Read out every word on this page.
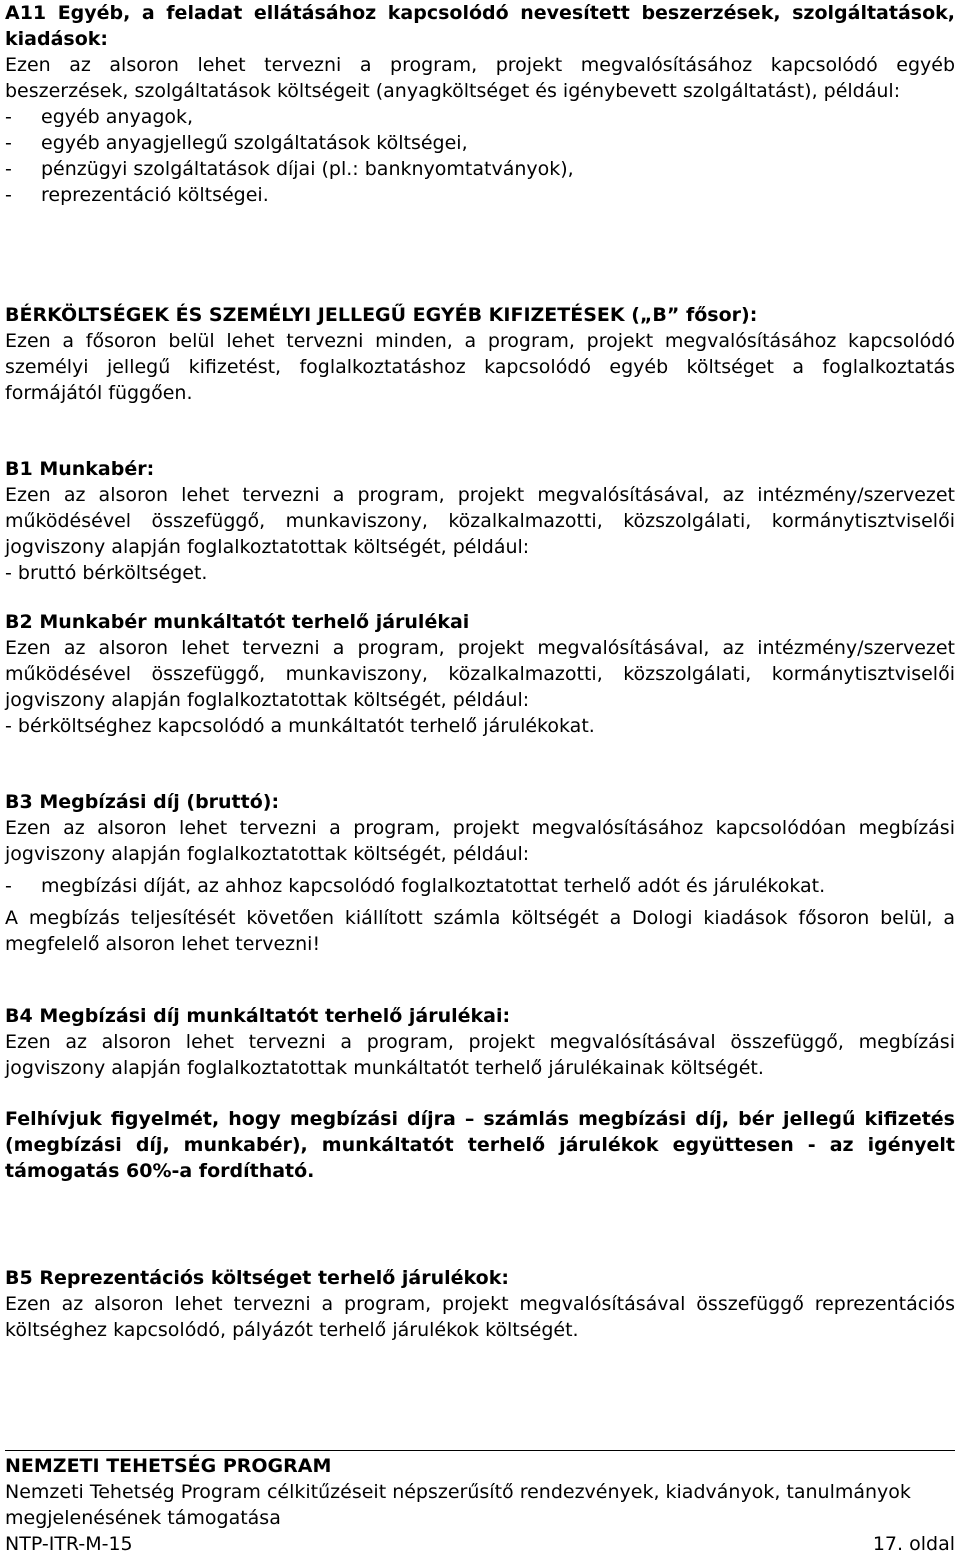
A11 Egyéb, a feladat ellátásához kapcsolódó nevesített beszerzések, szolgáltatások, kiadások:

Ezen az alsoron lehet tervezni a program, projekt megvalósításához kapcsolódó egyéb beszerzések, szolgáltatások költségeit (anyagköltséget és igénybevett szolgáltatást), például:

-	egyéb anyagok,
-	egyéb anyagjellegű szolgáltatások költségei,
-	pénzügyi szolgáltatások díjai (pl.: banknyomtatványok),
-	reprezentáció költségei.

BÉRKÖLTSÉGEK ÉS SZEMÉLYI JELLEGŰ EGYÉB KIFIZETÉSEK („B” fősor):

Ezen a fősoron belül lehet tervezni minden, a program, projekt megvalósításához kapcsolódó személyi jellegű kifizetést, foglalkoztatáshoz kapcsolódó egyéb költséget a foglalkoztatás formájától függően.

B1 Munkabér:

Ezen az alsoron lehet tervezni a program, projekt megvalósításával, az intézmény/szervezet működésével összefüggő, munkaviszony, közalkalmazotti, közszolgálati, kormánytisztviselői jogviszony alapján foglalkoztatottak költségét, például:

- bruttó bérköltséget.

B2 Munkabér munkáltatót terhelő járulékai

Ezen az alsoron lehet tervezni a program, projekt megvalósításával, az intézmény/szervezet működésével összefüggő, munkaviszony, közalkalmazotti, közszolgálati, kormánytisztviselői jogviszony alapján foglalkoztatottak költségét, például:

- bérköltséghez kapcsolódó a munkáltatót terhelő járulékokat.

B3 Megbízási díj (bruttó):

Ezen az alsoron lehet tervezni a program, projekt megvalósításához kapcsolódóan megbízási jogviszony alapján foglalkoztatottak költségét, például:

-	megbízási díját, az ahhoz kapcsolódó foglalkoztatottat terhelő adót és járulékokat.

A megbízás teljesítését követően kiállított számla költségét a Dologi kiadások fősoron belül, a megfelelő alsoron lehet tervezni!

B4 Megbízási díj munkáltatót terhelő járulékai:

Ezen az alsoron lehet tervezni a program, projekt megvalósításával összefüggő, megbízási jogviszony alapján foglalkoztatottak munkáltatót terhelő járulékainak költségét.

Felhívjuk figyelmét, hogy megbízási díjra – számlás megbízási díj, bér jellegű kifizetés (megbízási díj, munkabér), munkáltatót terhelő járulékok együttesen - az igényelt támogatás 60%-a fordítható.

B5 Reprezentációs költséget terhelő járulékok:

Ezen az alsoron lehet tervezni a program, projekt megvalósításával összefüggő reprezentációs költséghez kapcsolódó, pályázót terhelő járulékok költségét.

NEMZETI TEHETSÉG PROGRAM

Nemzeti Tehetség Program célkitűzéseit népszerűsítő rendezvények, kiadványok, tanulmányok megjelenésének támogatása

NTP-ITR-M-15	17. oldal
